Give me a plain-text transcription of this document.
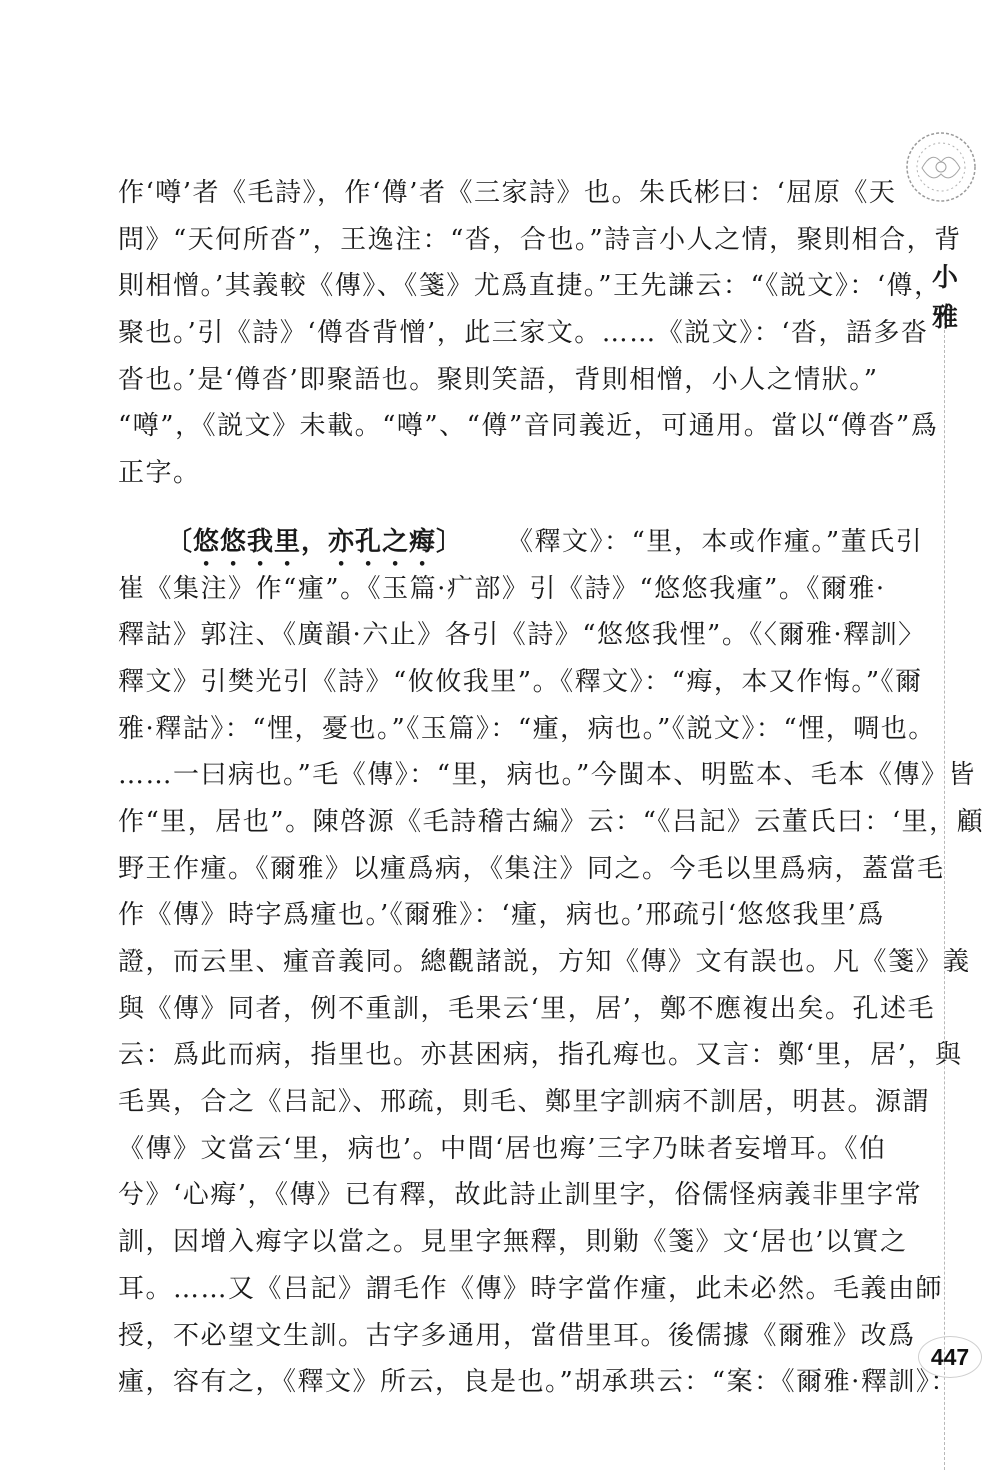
小
雅
作‘噂’者《毛詩》，作‘僔’者《三家詩》也。朱氏彬曰：‘屈原《天
問》“天何所沓”，王逸注：“沓，合也。”詩言小人之情，聚則相合，背
則相憎。’其義較《傳》、《箋》尤爲直捷。”王先謙云：“《説文》：‘僔，
聚也。’引《詩》‘僔沓背憎’，此三家文。……《説文》：‘沓，語多沓
沓也。’是‘僔沓’即聚語也。聚則笑語，背則相憎，小人之情狀。”
“噂”，《説文》未載。“噂”、“僔”音同義近，可通用。當以“僔沓”爲
正字。
〔悠悠我里，亦孔之痗〕 《釋文》：“里，本或作瘇。”董氏引
崔《集注》作“瘇”。《玉篇·疒部》引《詩》“悠悠我瘇”。《爾雅·
釋詁》郭注、《廣韻·六止》各引《詩》“悠悠我悝”。《〈爾雅·釋訓〉
釋文》引樊光引《詩》“攸攸我里”。《釋文》：“痗，本又作悔。”《爾
雅·釋詁》：“悝，憂也。”《玉篇》：“瘇，病也。”《説文》：“悝，啁也。
……一曰病也。”毛《傳》：“里，病也。”今閩本、明監本、毛本《傳》皆
作“里，居也”。陳啓源《毛詩稽古編》云：“《吕記》云董氏曰：‘里，顧
野王作瘇。《爾雅》以瘇爲病，《集注》同之。今毛以里爲病，蓋當毛
作《傳》時字爲瘇也。’《爾雅》：‘瘇，病也。’邢疏引‘悠悠我里’爲
證，而云里、瘇音義同。總觀諸説，方知《傳》文有誤也。凡《箋》義
與《傳》同者，例不重訓，毛果云‘里，居’，鄭不應複出矣。孔述毛
云：爲此而病，指里也。亦甚困病，指孔痗也。又言：鄭‘里，居’，與
毛異，合之《吕記》、邢疏，則毛、鄭里字訓病不訓居，明甚。源謂
《傳》文當云‘里，病也’。中間‘居也痗’三字乃昧者妄增耳。《伯
兮》‘心痗’，《傳》已有釋，故此詩止訓里字，俗儒怪病義非里字常
訓，因增入痗字以當之。見里字無釋，則勦《箋》文‘居也’以實之
耳。……又《吕記》謂毛作《傳》時字當作瘇，此未必然。毛義由師
授，不必望文生訓。古字多通用，當借里耳。後儒據《爾雅》改爲
瘇，容有之，《釋文》所云，良是也。”胡承珙云：“案：《爾雅·釋訓》：
447
